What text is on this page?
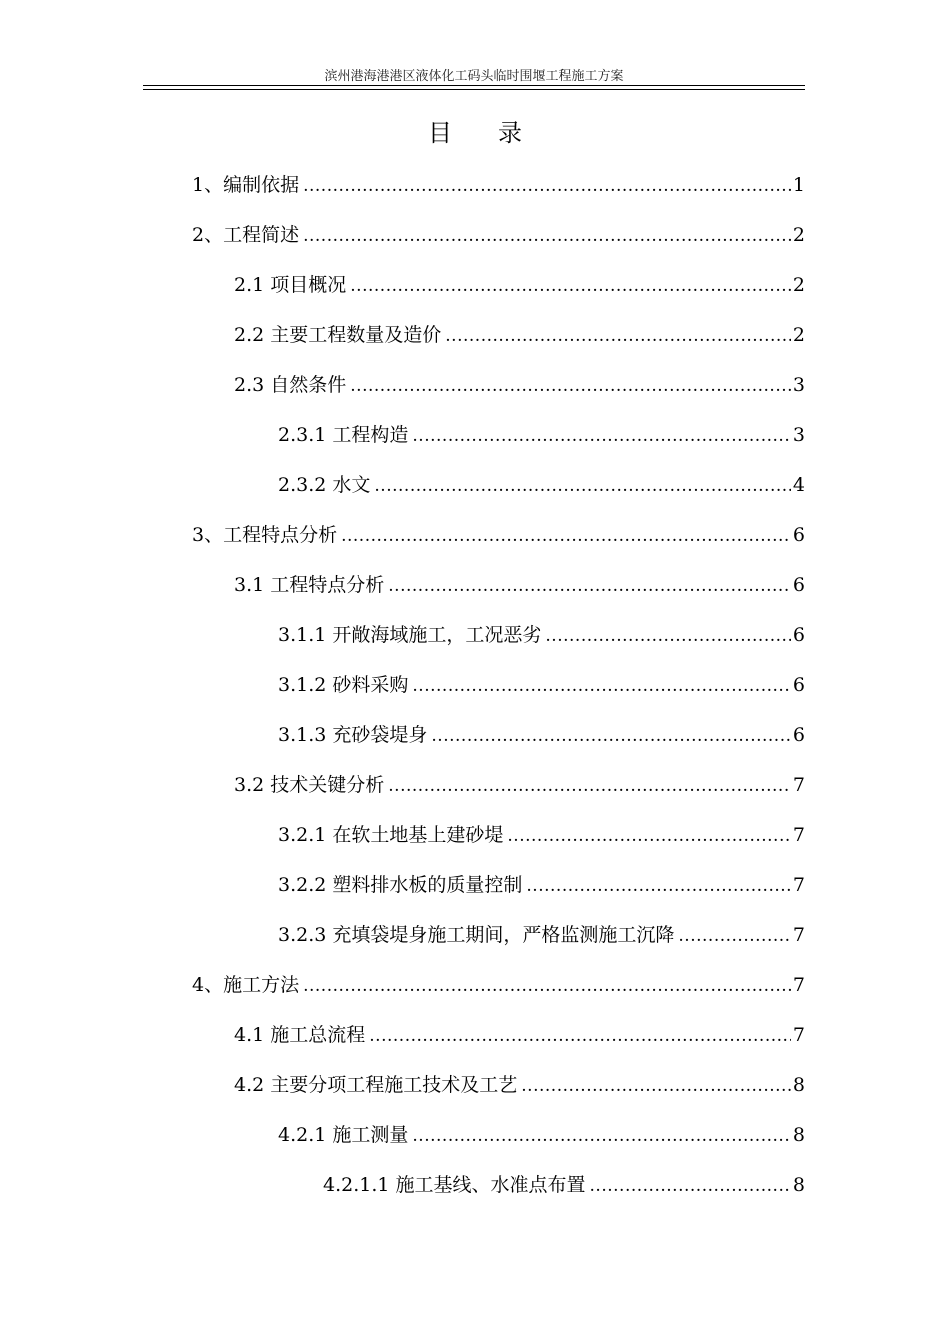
滨州港海港港区液体化工码头临时围堰工程施工方案
目录
1、编制依据 .....	1
2、工程简述 .....	2
2.1 项目概况 .....	2
2.2 主要工程数量及造价 .....	2
2.3 自然条件 .....	3
2.3.1 工程构造 .....	3
2.3.2 水文 .....	4
3、工程特点分析 .....	6
3.1 工程特点分析 .....	6
3.1.1 开敞海域施工，工况恶劣 .....	6
3.1.2 砂料采购 .....	6
3.1.3 充砂袋堤身 .....	6
3.2 技术关键分析 .....	7
3.2.1 在软土地基上建砂堤 .....	7
3.2.2 塑料排水板的质量控制 .....	7
3.2.3 充填袋堤身施工期间，严格监测施工沉降 .....	7
4、施工方法 .....	7
4.1 施工总流程 .....	7
4.2 主要分项工程施工技术及工艺 .....	8
4.2.1 施工测量 .....	8
4.2.1.1 施工基线、水准点布置 .....	8
